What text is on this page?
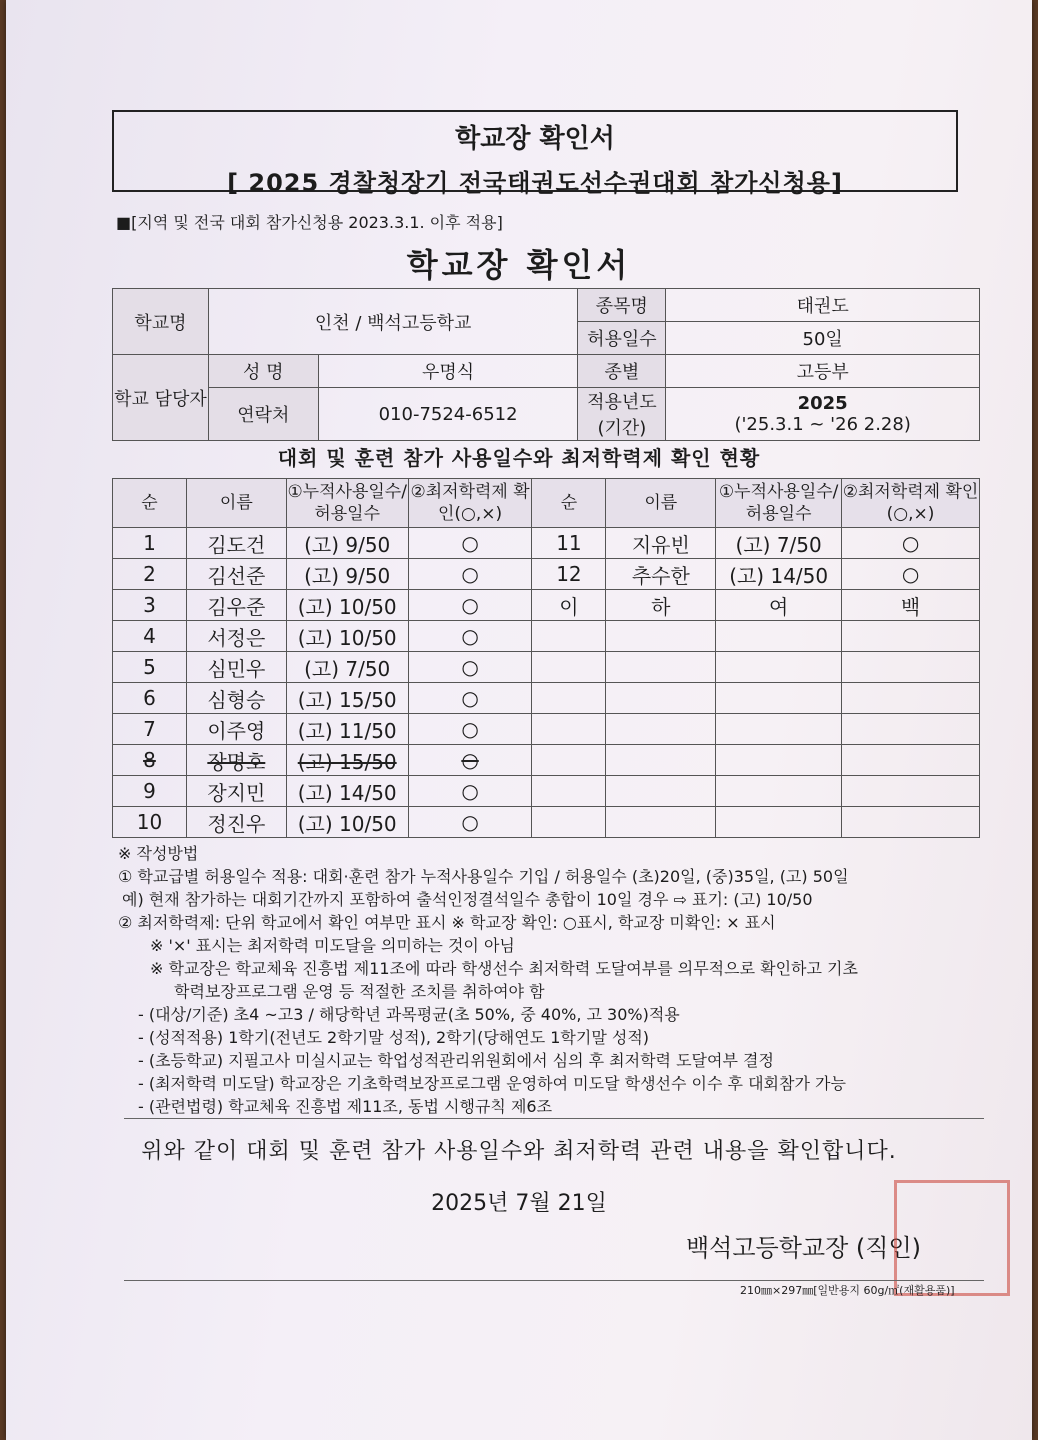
학교장 확인서
[ 2025 경찰청장기 전국태권도선수권대회 참가신청용]
■[지역 및 전국 대회 참가신청용 2023.3.1. 이후 적용]
학교장 확인서
학교명	인천 / 백석고등학교		종목명	태권도
			허용일수	50일
학교 담당자	성 명	우명식	종별	고등부
	연락처	010-7524-6512	적용년도 (기간)	2025
('25.3.1 ~ '26 2.28)
대회 및 훈련 참가 사용일수와 최저학력제 확인 현황
순	이름	①누적사용일수/허용일수	②최저학력제 확인(○,×)	순	이름	①누적사용일수/허용일수	②최저학력제 확인(○,×)
1	김도건	(고) 9/50	○	11	지유빈	(고) 7/50	○
2	김선준	(고) 9/50	○	12	추수한	(고) 14/50	○
3	김우준	(고) 10/50	○	이	하	여	백
4	서정은	(고) 10/50	○				
5	심민우	(고) 7/50	○				
6	심형승	(고) 15/50	○				
7	이주영	(고) 11/50	○				
8	장명호	(고) 15/50	○				
9	장지민	(고) 14/50	○				
10	정진우	(고) 10/50	○				
※ 작성방법
① 학교급별 허용일수 적용: 대회·훈련 참가 누적사용일수 기입 / 허용일수 (초)20일, (중)35일, (고) 50일
예) 현재 참가하는 대회기간까지 포함하여 출석인정결석일수 총합이 10일 경우 ⇨ 표기: (고) 10/50
② 최저학력제: 단위 학교에서 확인 여부만 표시 ※ 학교장 확인: ○표시, 학교장 미확인: × 표시
※ '×' 표시는 최저학력 미도달을 의미하는 것이 아님
※ 학교장은 학교체육 진흥법 제11조에 따라 학생선수 최저학력 도달여부를 의무적으로 확인하고 기초
학력보장프로그램 운영 등 적절한 조치를 취하여야 함
- (대상/기준) 초4 ~고3 / 해당학년 과목평균(초 50%, 중 40%, 고 30%)적용
- (성적적용) 1학기(전년도 2학기말 성적), 2학기(당해연도 1학기말 성적)
- (초등학교) 지필고사 미실시교는 학업성적관리위원회에서 심의 후 최저학력 도달여부 결정
- (최저학력 미도달) 학교장은 기초학력보장프로그램 운영하여 미도달 학생선수 이수 후 대회참가 가능
- (관련법령) 학교체육 진흥법 제11조, 동법 시행규칙 제6조
위와 같이 대회 및 훈련 참가 사용일수와 최저학력 관련 내용을 확인합니다.
2025년 7월 21일
백석고등학교장 (직인)
210㎜×297㎜[일반용지 60g/㎡(재활용품)]
